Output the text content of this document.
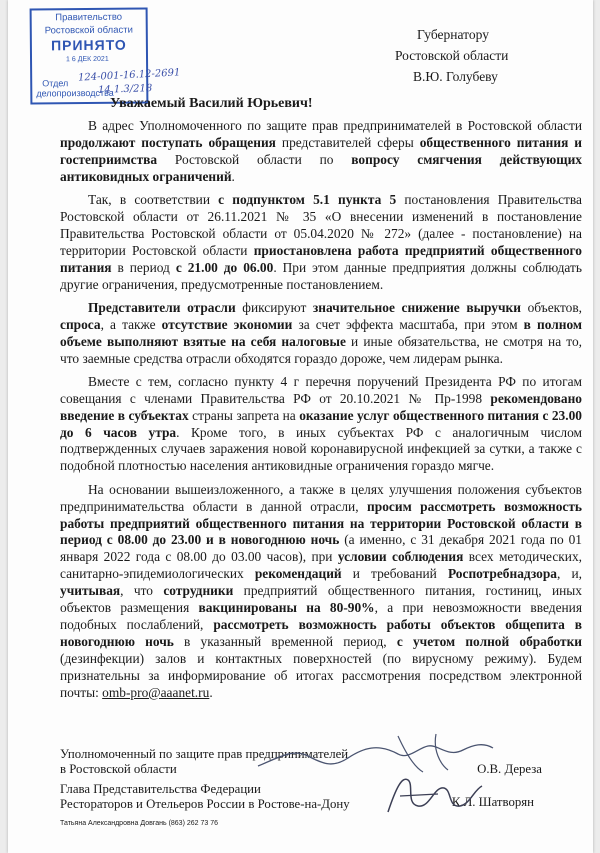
Правительство
Ростовской области
ПРИНЯТО
1 6 ДЕК 2021
Отдел
делопроизводства
124-001-16.12-2691
14.1.3/218
Губернатору
Ростовской области
В.Ю. Голубеву
Уважаемый Василий Юрьевич!

В адрес Уполномоченного по защите прав предпринимателей в Ростовской области продолжают поступать обращения представителей сферы общественного питания и гостеприимства Ростовской области по вопросу смягчения действующих антиковидных ограничений.

Так, в соответствии с подпунктом 5.1 пункта 5 постановления Правительства Ростовской области от 26.11.2021 № 35 «О внесении изменений в постановление Правительства Ростовской области от 05.04.2020 № 272» (далее - постановление) на территории Ростовской области приостановлена работа предприятий общественного питания в период с 21.00 до 06.00. При этом данные предприятия должны соблюдать другие ограничения, предусмотренные постановлением.

Представители отрасли фиксируют значительное снижение выручки объектов, спроса, а также отсутствие экономии за счет эффекта масштаба, при этом в полном объеме выполняют взятые на себя налоговые и иные обязательства, не смотря на то, что заемные средства отрасли обходятся гораздо дороже, чем лидерам рынка.

Вместе с тем, согласно пункту 4 г перечня поручений Президента РФ по итогам совещания с членами Правительства РФ от 20.10.2021 № Пр-1998 рекомендовано введение в субъектах страны запрета на оказание услуг общественного питания с 23.00 до 6 часов утра. Кроме того, в иных субъектах РФ с аналогичным числом подтвержденных случаев заражения новой коронавирусной инфекцией за сутки, а также с подобной плотностью населения антиковидные ограничения гораздо мягче.

На основании вышеизложенного, а также в целях улучшения положения субъектов предпринимательства области в данной отрасли, просим рассмотреть возможность работы предприятий общественного питания на территории Ростовской области в период с 08.00 до 23.00 и в новогоднюю ночь (а именно, с 31 декабря 2021 года по 01 января 2022 года с 08.00 до 03.00 часов), при условии соблюдения всех методических, санитарно-эпидемиологических рекомендаций и требований Роспотребнадзора, и, учитывая, что сотрудники предприятий общественного питания, гостиниц, иных объектов размещения вакцинированы на 80-90%, а при невозможности введения подобных послаблений, рассмотреть возможность работы объектов общепита в новогоднюю ночь в указанный временной период, с учетом полной обработки (дезинфекции) залов и контактных поверхностей (по вирусному режиму). Будем признательны за информирование об итогах рассмотрения посредством электронной почты: omb-pro@aaanet.ru.

Уполномоченный по защите прав предпринимателей
в Ростовской области	О.В. Дереза
Глава Представительства Федерации
Рестораторов и Отельеров России в Ростове-на-Дону	К.Л. Шатворян
Татьяна Александровна Довгань (863) 262 73 76
